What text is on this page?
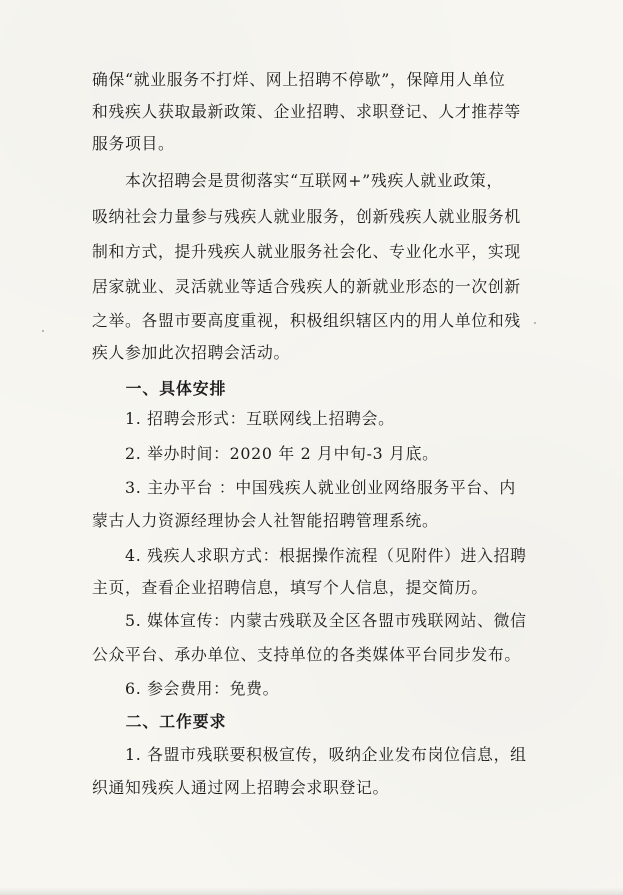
确保“就业服务不打烊、网上招聘不停歇”，保障用人单位
和残疾人获取最新政策、企业招聘、求职登记、人才推荐等
服务项目。
　　本次招聘会是贯彻落实“互联网+”残疾人就业政策，
吸纳社会力量参与残疾人就业服务，创新残疾人就业服务机
制和方式，提升残疾人就业服务社会化、专业化水平，实现
居家就业、灵活就业等适合残疾人的新就业形态的一次创新
之举。各盟市要高度重视，积极组织辖区内的用人单位和残
疾人参加此次招聘会活动。
　　一、具体安排
　　1. 招聘会形式：互联网线上招聘会。
　　2. 举办时间：2020 年 2 月中旬-3 月底。
　　3. 主办平台 ：中国残疾人就业创业网络服务平台、内
蒙古人力资源经理协会人社智能招聘管理系统。
　　4. 残疾人求职方式：根据操作流程（见附件）进入招聘
主页，查看企业招聘信息，填写个人信息，提交简历。
　　5. 媒体宣传：内蒙古残联及全区各盟市残联网站、微信
公众平台、承办单位、支持单位的各类媒体平台同步发布。
　　6. 参会费用：免费。
　　二、工作要求
　　1. 各盟市残联要积极宣传，吸纳企业发布岗位信息，组
织通知残疾人通过网上招聘会求职登记。
